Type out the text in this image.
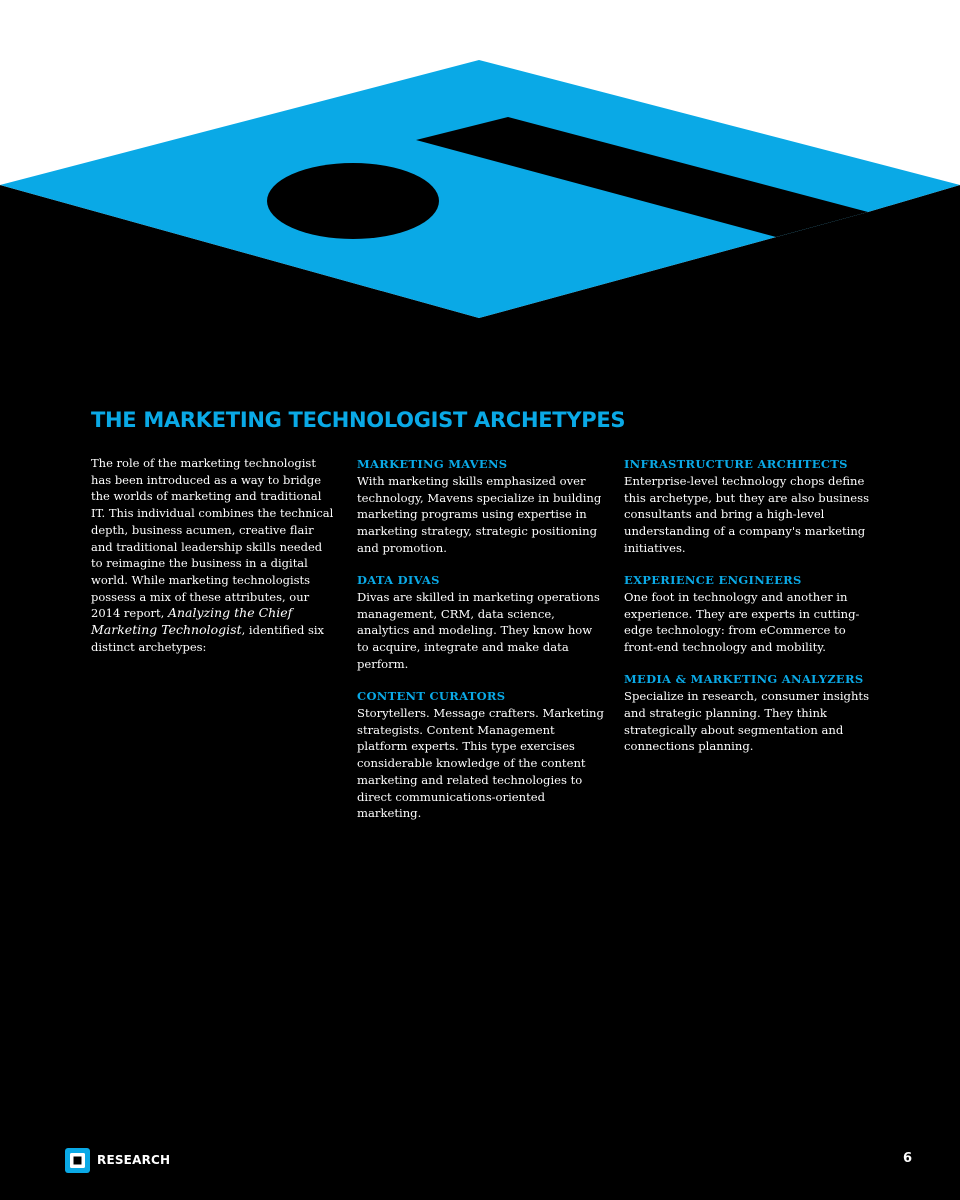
THE MARKETING TECHNOLOGIST ARCHETYPES

The role of the marketing technologist has been introduced as a way to bridge the worlds of marketing and traditional IT. This individual combines the technical depth, business acumen, creative flair and traditional leadership skills needed to reimagine the business in a digital world. While marketing technologists possess a mix of these attributes, our 2014 report, Analyzing the Chief Marketing Technologist, identified six distinct archetypes:

MARKETING MAVENS

With marketing skills emphasized over technology, Mavens specialize in building marketing programs using expertise in marketing strategy, strategic positioning and promotion.

DATA DIVAS

Divas are skilled in marketing operations management, CRM, data science, analytics and modeling. They know how to acquire, integrate and make data perform.

CONTENT CURATORS

Storytellers. Message crafters. Marketing strategists. Content Management platform experts. This type exercises considerable knowledge of the content marketing and related technologies to direct communications-oriented marketing.

INFRASTRUCTURE ARCHITECTS

Enterprise-level technology chops define this archetype, but they are also business consultants and bring a high-level understanding of a company's marketing initiatives.

EXPERIENCE ENGINEERS

One foot in technology and another in experience. They are experts in cutting-edge technology: from eCommerce to front-end technology and mobility.

MEDIA & MARKETING ANALYZERS

Specialize in research, consumer insights and strategic planning. They think strategically about segmentation and connections planning.

RESEARCH	6
